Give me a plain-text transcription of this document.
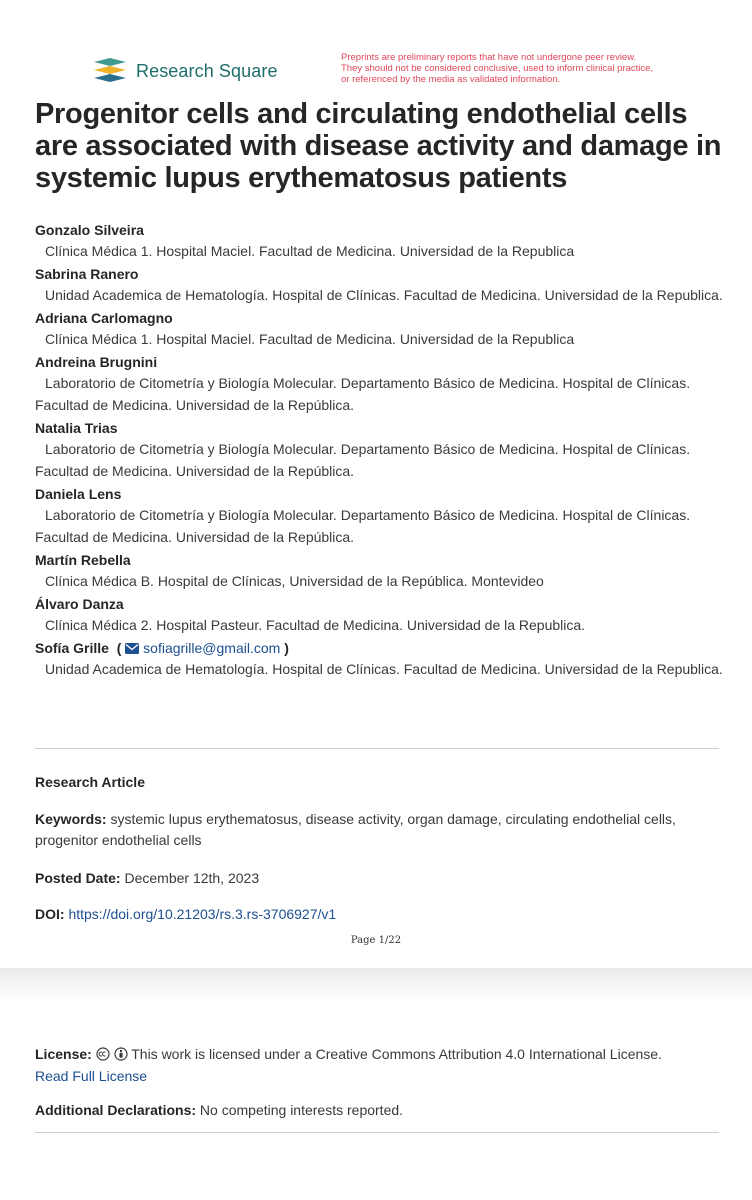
Research Square
Preprints are preliminary reports that have not undergone peer review.
They should not be considered conclusive, used to inform clinical practice,
or referenced by the media as validated information.
Progenitor cells and circulating endothelial cells are associated with disease activity and damage in systemic lupus erythematosus patients
Gonzalo Silveira
Clínica Médica 1. Hospital Maciel. Facultad de Medicina. Universidad de la Republica
Sabrina Ranero
Unidad Academica de Hematología. Hospital de Clínicas. Facultad de Medicina. Universidad de la Republica.
Adriana Carlomagno
Clínica Médica 1. Hospital Maciel. Facultad de Medicina. Universidad de la Republica
Andreina Brugnini
Laboratorio de Citometría y Biología Molecular. Departamento Básico de Medicina. Hospital de Clínicas. Facultad de Medicina. Universidad de la República.
Natalia Trias
Laboratorio de Citometría y Biología Molecular. Departamento Básico de Medicina. Hospital de Clínicas. Facultad de Medicina. Universidad de la República.
Daniela Lens
Laboratorio de Citometría y Biología Molecular. Departamento Básico de Medicina. Hospital de Clínicas. Facultad de Medicina. Universidad de la República.
Martín Rebella
Clínica Médica B. Hospital de Clínicas, Universidad de la República. Montevideo
Álvaro Danza
Clínica Médica 2. Hospital Pasteur. Facultad de Medicina. Universidad de la Republica.
Sofía Grille  (  sofiagrille@gmail.com )
Unidad Academica de Hematología. Hospital de Clínicas. Facultad de Medicina. Universidad de la Republica.

Research Article

Keywords: systemic lupus erythematosus, disease activity, organ damage, circulating endothelial cells, progenitor endothelial cells

Posted Date: December 12th, 2023

DOI: https://doi.org/10.21203/rs.3.rs-3706927/v1

Page 1/22

License:	This work is licensed under a Creative Commons Attribution 4.0 International License.
Read Full License

Additional Declarations: No competing interests reported.
